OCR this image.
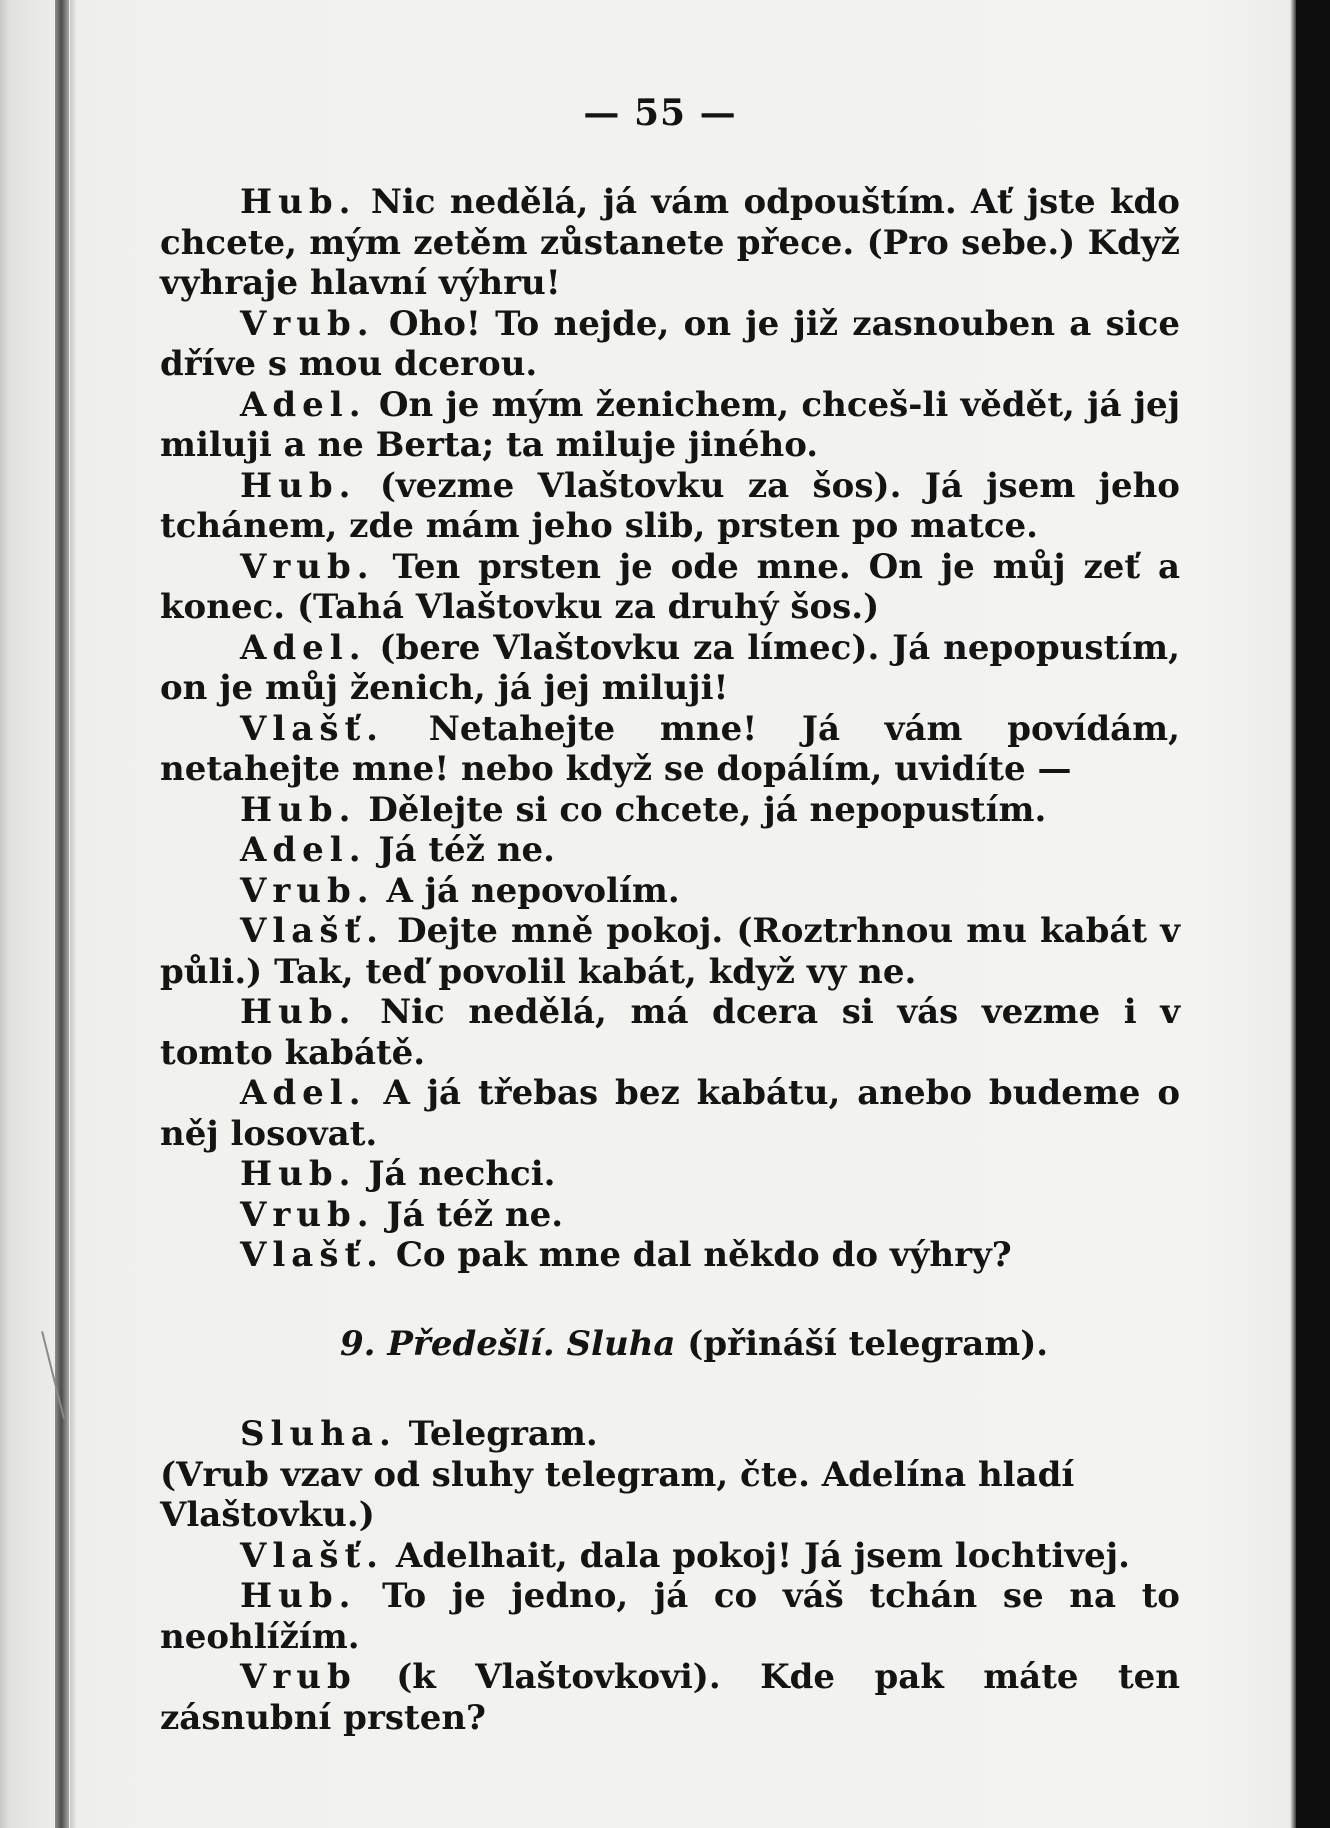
— 55 —

Hub. Nic nedělá, já vám odpouštím. Ať jste kdo chcete, mým zetěm zůstanete přece. (Pro sebe.) Když vyhraje hlavní výhru!

Vrub. Oho! To nejde, on je již zasnouben a sice dříve s mou dcerou.

Adel. On je mým ženichem, chceš-li vědět, já jej miluji a ne Berta; ta miluje jiného.

Hub. (vezme Vlaštovku za šos). Já jsem jeho tchánem, zde mám jeho slib, prsten po matce.

Vrub. Ten prsten je ode mne. On je můj zeť a konec. (Tahá Vlaštovku za druhý šos.)

Adel. (bere Vlaštovku za límec). Já nepopustím, on je můj ženich, já jej miluji!

Vlašť. Netahejte mne! Já vám povídám, netahejte mne! nebo když se dopálím, uvidíte —

Hub. Dělejte si co chcete, já nepopustím.

Adel. Já též ne.

Vrub. A já nepovolím.

Vlašť. Dejte mně pokoj. (Roztrhnou mu kabát v půli.) Tak, teď povolil kabát, když vy ne.

Hub. Nic nedělá, má dcera si vás vezme i v tomto kabátě.

Adel. A já třebas bez kabátu, anebo budeme o něj losovat.

Hub. Já nechci.

Vrub. Já též ne.

Vlašť. Co pak mne dal někdo do výhry?

9. Předešlí. Sluha (přináší telegram).

Sluha. Telegram.

(Vrub vzav od sluhy telegram, čte. Adelína hladí Vlaštovku.)

Vlašť. Adelhait, dala pokoj! Já jsem lochtivej.

Hub. To je jedno, já co váš tchán se na to neohlížím.

Vrub (k Vlaštovkovi). Kde pak máte ten zásnubní prsten?
